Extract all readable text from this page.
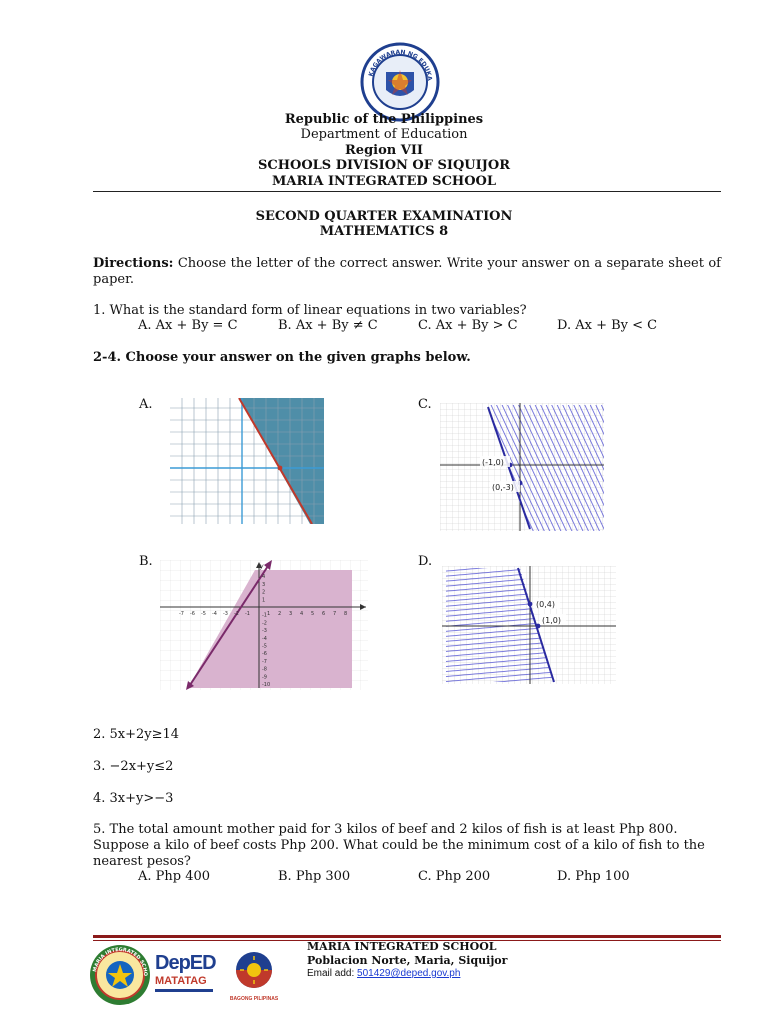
KAGAWARAN NG EDUKA
Republic of the Philippines
Department of Education
Region VII
SCHOOLS DIVISION OF SIQUIJOR
MARIA INTEGRATED SCHOOL
SECOND QUARTER EXAMINATION
MATHEMATICS 8
Directions: Choose the letter of the correct answer. Write your answer on a separate sheet of paper.
1. What is the standard form of linear equations in two variables?
A. Ax + By = C	B. Ax + By ≠ C	C. Ax + By > C	D. Ax + By < C
2-4. Choose your answer on the given graphs below.
A.
B.
C.
D.
(-1,0)
(0,-3)
-7 -6 -5 -4 -3 -2 -1	1 2 3 4 5 6 7 8
4
3
2
1
-1
-2
-3
-4
-5
-6
-7
-8
-9
-10
y
(0,4)
(1,0)
2. 5x+2y≥14
3. −2x+y≤2
4. 3x+y>−3
5. The total amount mother paid for 3 kilos of beef and 2 kilos of fish is at least Php 800. Suppose a kilo of beef costs Php 200. What could be the minimum cost of a kilo of fish to the nearest pesos?
A. Php 400	B. Php 300	C. Php 200	D. Php 100
MARIA INTEGRATED SCHO
DepED
MATATAG
BAGONG PILIPINAS
MARIA INTEGRATED SCHOOL
Poblacion Norte, Maria, Siquijor
Email add: 501429@deped.gov.ph
